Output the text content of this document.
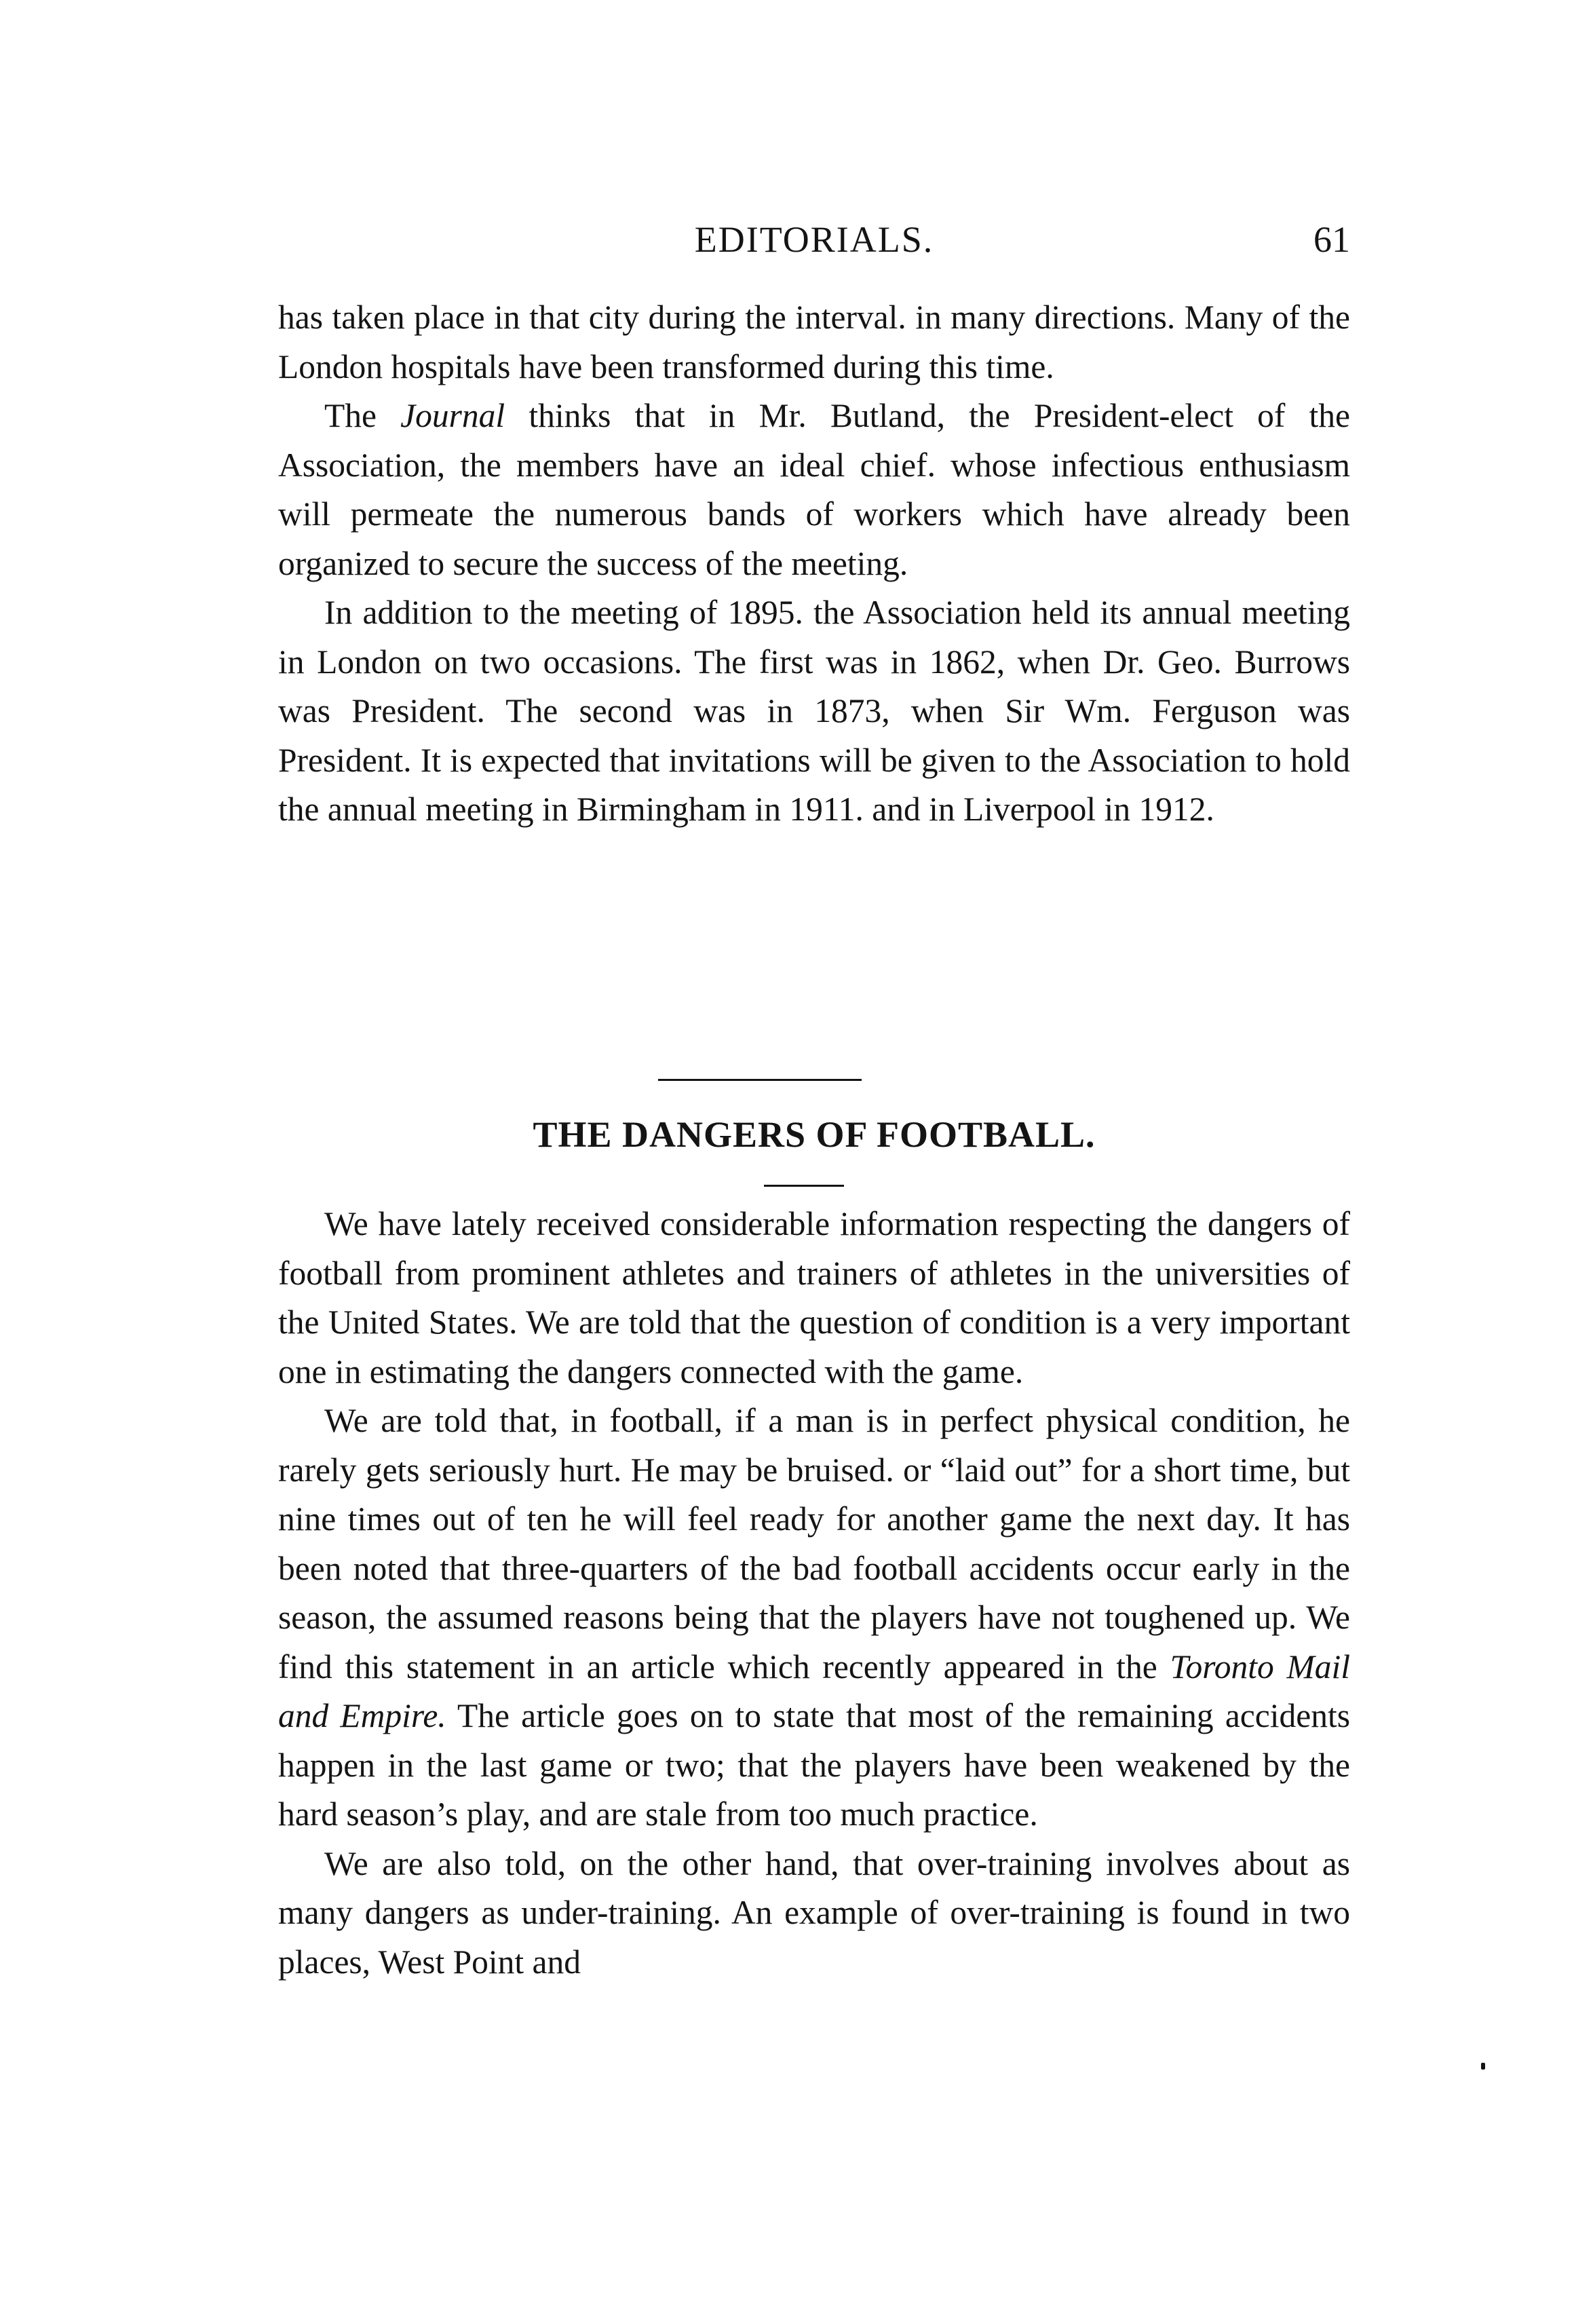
EDITORIALS.	61

has taken place in that city during the interval. in many directions. Many of the London hospitals have been transformed during this time.

The Journal thinks that in Mr. Butland, the President-elect of the Association, the members have an ideal chief. whose infectious enthusiasm will permeate the numerous bands of workers which have already been organized to secure the success of the meeting.

In addition to the meeting of 1895. the Association held its annual meeting in London on two occasions. The first was in 1862, when Dr. Geo. Burrows was President. The second was in 1873, when Sir Wm. Ferguson was President. It is expected that invitations will be given to the Association to hold the annual meeting in Birmingham in 1911. and in Liverpool in 1912.

THE DANGERS OF FOOTBALL.

We have lately received considerable information respecting the dangers of football from prominent athletes and trainers of athletes in the universities of the United States. We are told that the question of condition is a very important one in estimating the dangers connected with the game.

We are told that, in football, if a man is in perfect physical condition, he rarely gets seriously hurt. He may be bruised. or “laid out” for a short time, but nine times out of ten he will feel ready for another game the next day. It has been noted that three-quarters of the bad football accidents occur early in the season, the assumed reasons being that the players have not toughened up. We find this statement in an article which recently appeared in the Toronto Mail and Empire. The article goes on to state that most of the remaining accidents happen in the last game or two; that the players have been weakened by the hard season’s play, and are stale from too much practice.

We are also told, on the other hand, that over-training involves about as many dangers as under-training. An example of over-training is found in two places, West Point and
